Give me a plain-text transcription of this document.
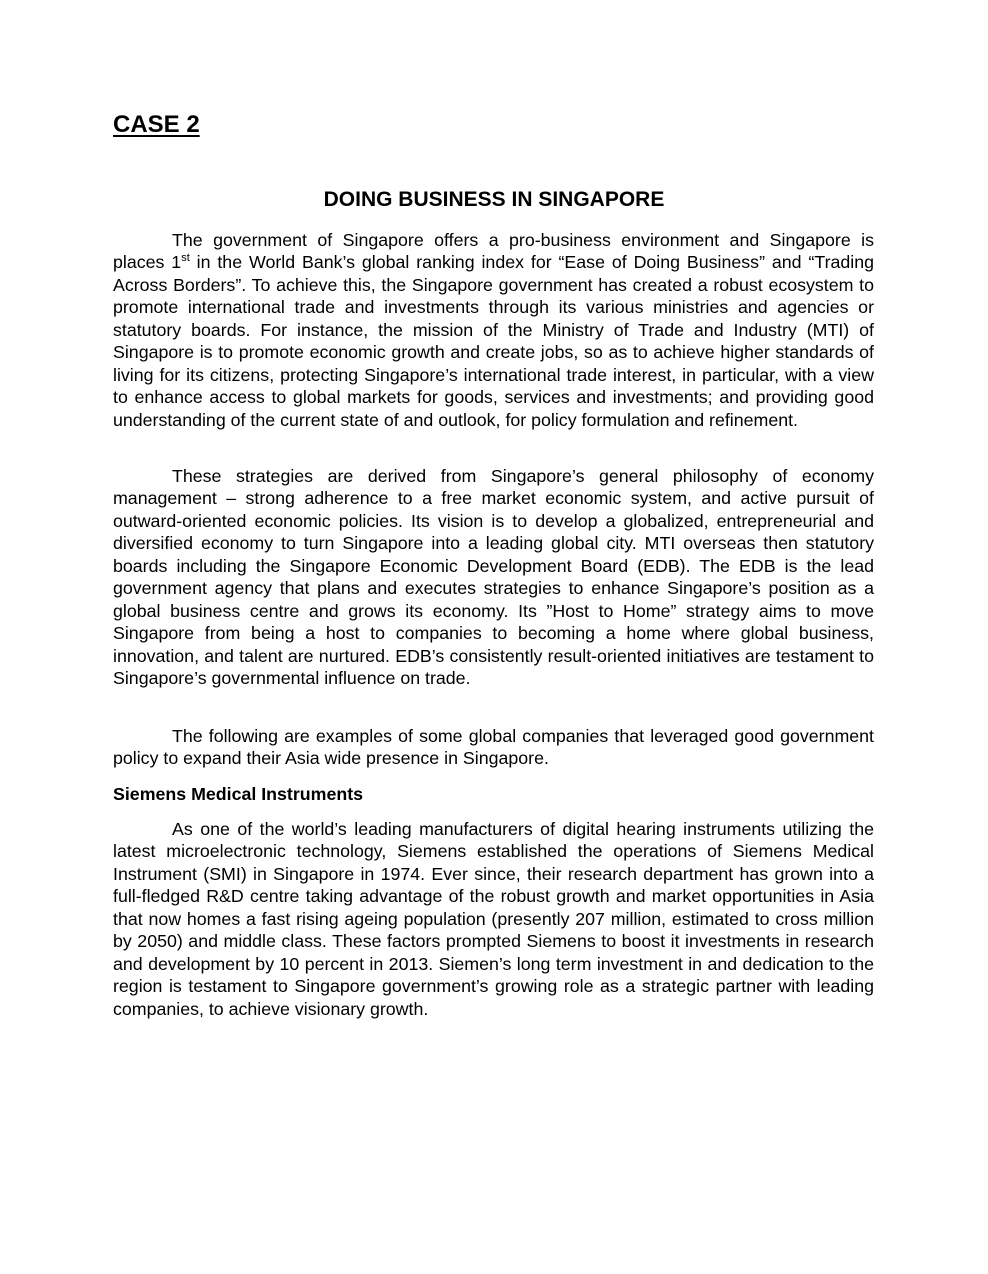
CASE 2
DOING BUSINESS IN SINGAPORE

The government of Singapore offers a pro-business environment and Singapore is places 1st in the World Bank’s global ranking index for “Ease of Doing Business” and “Trading Across Borders”. To achieve this, the Singapore government has created a robust ecosystem to promote international trade and investments through its various ministries and agencies or statutory boards. For instance, the mission of the Ministry of Trade and Industry (MTI) of Singapore is to promote economic growth and create jobs, so as to achieve higher standards of living for its citizens, protecting Singapore’s international trade interest, in particular, with a view to enhance access to global markets for goods, services and investments; and providing good understanding of the current state of and outlook, for policy formulation and refinement.

These strategies are derived from Singapore’s general philosophy of economy management – strong adherence to a free market economic system, and active pursuit of outward-oriented economic policies. Its vision is to develop a globalized, entrepreneurial and diversified economy to turn Singapore into a leading global city. MTI overseas then statutory boards including the Singapore Economic Development Board (EDB). The EDB is the lead government agency that plans and executes strategies to enhance Singapore’s position as a global business centre and grows its economy. Its ”Host to Home” strategy aims to move Singapore from being a host to companies to becoming a home where global business, innovation, and talent are nurtured. EDB’s consistently result-oriented initiatives are testament to Singapore’s governmental influence on trade.

The following are examples of some global companies that leveraged good government policy to expand their Asia wide presence in Singapore.

Siemens Medical Instruments

As one of the world’s leading manufacturers of digital hearing instruments utilizing the latest microelectronic technology, Siemens established the operations of Siemens Medical Instrument (SMI) in Singapore in 1974. Ever since, their research department has grown into a full-fledged R&D centre taking advantage of the robust growth and market opportunities in Asia that now homes a fast rising ageing population (presently 207 million, estimated to cross million by 2050) and middle class. These factors prompted Siemens to boost it investments in research and development by 10 percent in 2013. Siemen’s long term investment in and dedication to the region is testament to Singapore government’s growing role as a strategic partner with leading companies, to achieve visionary growth.
